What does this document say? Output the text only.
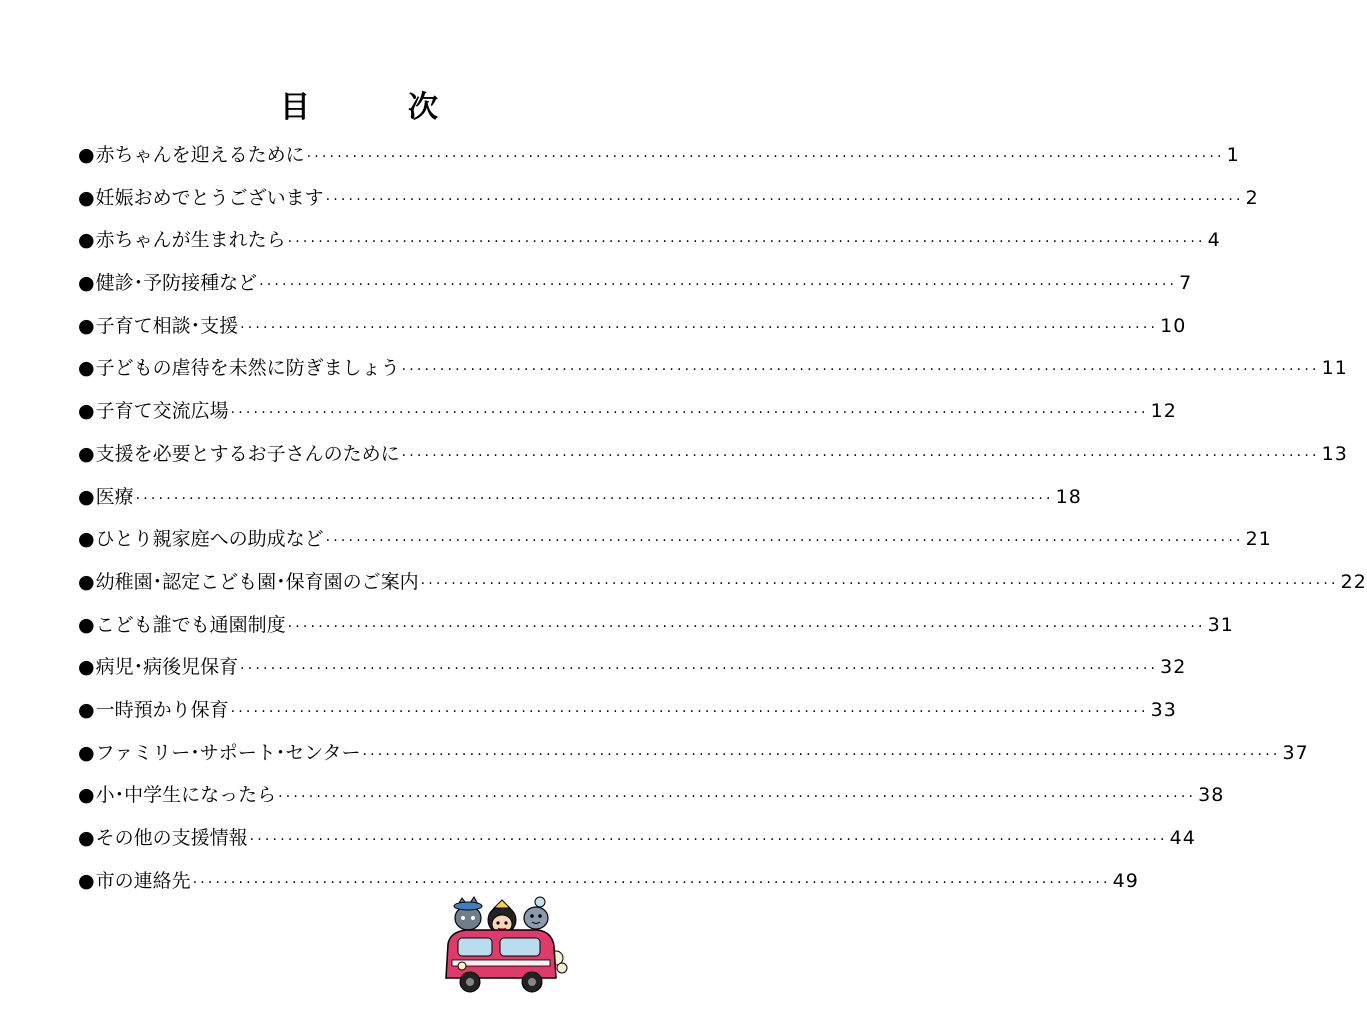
目　次
● 赤ちゃんを迎えるために ························································································································ 1
● 妊娠おめでとうございます ························································································································ 2
● 赤ちゃんが生まれたら ························································································································ 4
● 健診･予防接種など ························································································································ 7
● 子育て相談･支援 ························································································································ 10
● 子どもの虐待を未然に防ぎましょう ························································································································ 11
● 子育て交流広場 ························································································································ 12
● 支援を必要とするお子さんのために ························································································································ 13
● 医療 ························································································································ 18
● ひとり親家庭への助成など ························································································································ 21
● 幼稚園･認定こども園･保育園のご案内 ························································································································ 22
● こども誰でも通園制度 ························································································································ 31
● 病児･病後児保育 ························································································································ 32
● 一時預かり保育 ························································································································ 33
● ファミリー･サポート･センター ························································································································ 37
● 小･中学生になったら ························································································································ 38
● その他の支援情報 ························································································································ 44
● 市の連絡先 ························································································································ 49
